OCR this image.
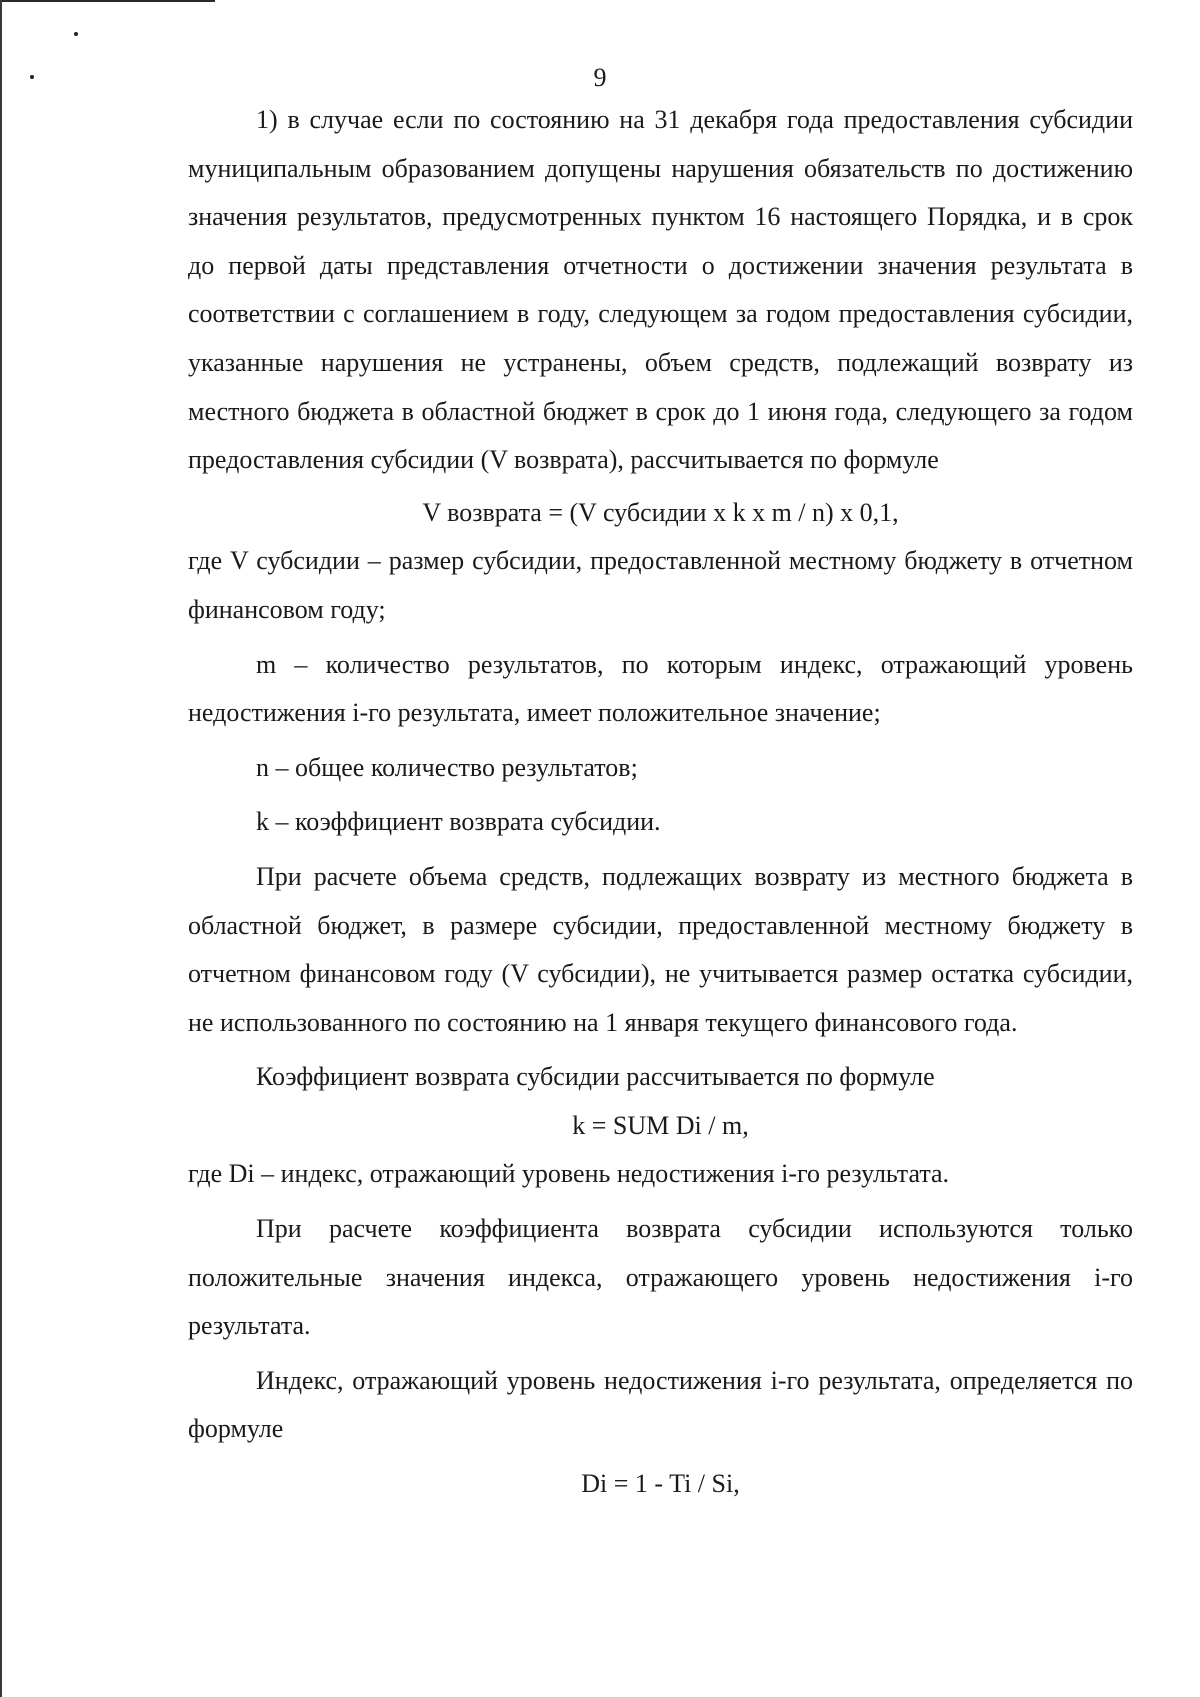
9

1) в случае если по состоянию на 31 декабря года предоставления субсидии муниципальным образованием допущены нарушения обязательств по достижению значения результатов, предусмотренных пунктом 16 настоящего Порядка, и в срок до первой даты представления отчетности о достижении значения результата в соответствии с соглашением в году, следующем за годом предоставления субсидии, указанные нарушения не устранены, объем средств, подлежащий возврату из местного бюджета в областной бюджет в срок до 1 июня года, следующего за годом предоставления субсидии (V возврата), рассчитывается по формуле

V возврата = (V субсидии x k x m / n) x 0,1,

где V субсидии – размер субсидии, предоставленной местному бюджету в отчетном финансовом году;

m – количество результатов, по которым индекс, отражающий уровень недостижения i-го результата, имеет положительное значение;

n – общее количество результатов;

k – коэффициент возврата субсидии.

При расчете объема средств, подлежащих возврату из местного бюджета в областной бюджет, в размере субсидии, предоставленной местному бюджету в отчетном финансовом году (V субсидии), не учитывается размер остатка субсидии, не использованного по состоянию на 1 января текущего финансового года.

Коэффициент возврата субсидии рассчитывается по формуле

k = SUM Di / m,

где Di – индекс, отражающий уровень недостижения i-го результата.

При расчете коэффициента возврата субсидии используются только положительные значения индекса, отражающего уровень недостижения i-го результата.

Индекс, отражающий уровень недостижения i-го результата, определяется по формуле

Di = 1 - Ti / Si,
